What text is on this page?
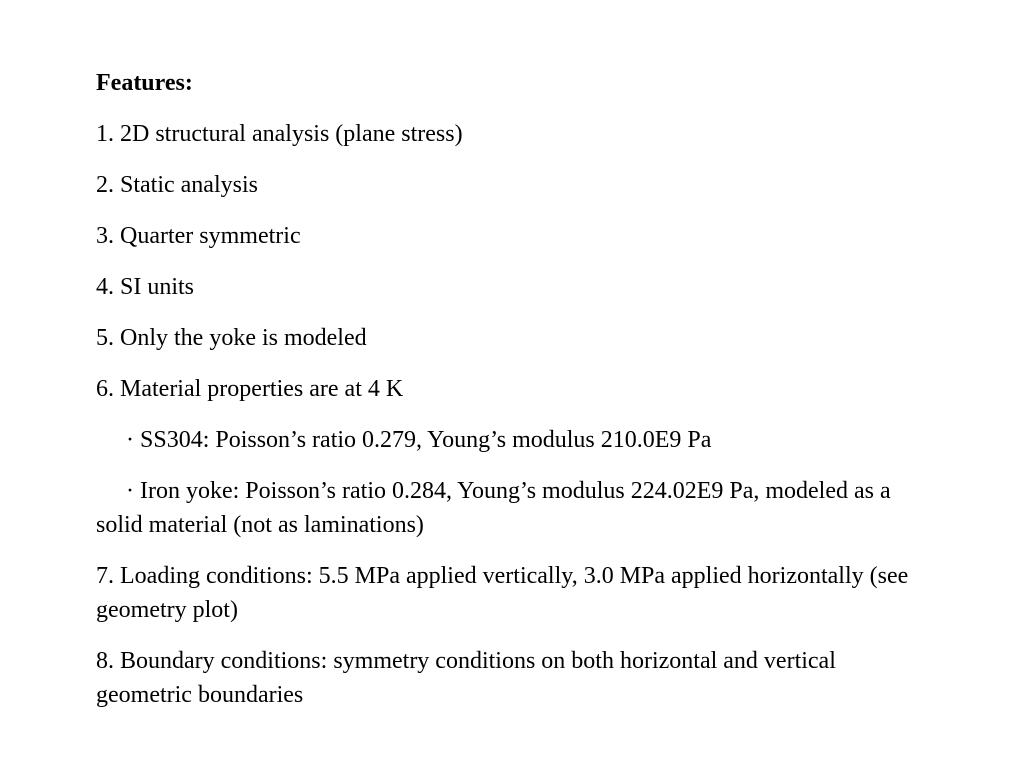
Features:
1. 2D structural analysis (plane stress)
2. Static analysis
3. Quarter symmetric
4. SI units
5. Only the yoke is modeled
6. Material properties are at 4 K
· SS304: Poisson’s ratio 0.279, Young’s modulus 210.0E9 Pa
· Iron yoke: Poisson’s ratio 0.284, Young’s modulus 224.02E9 Pa, modeled as a solid material (not as laminations)
7. Loading conditions: 5.5 MPa applied vertically, 3.0 MPa applied horizontally (see geometry plot)
8. Boundary conditions: symmetry conditions on both horizontal and vertical geometric boundaries
